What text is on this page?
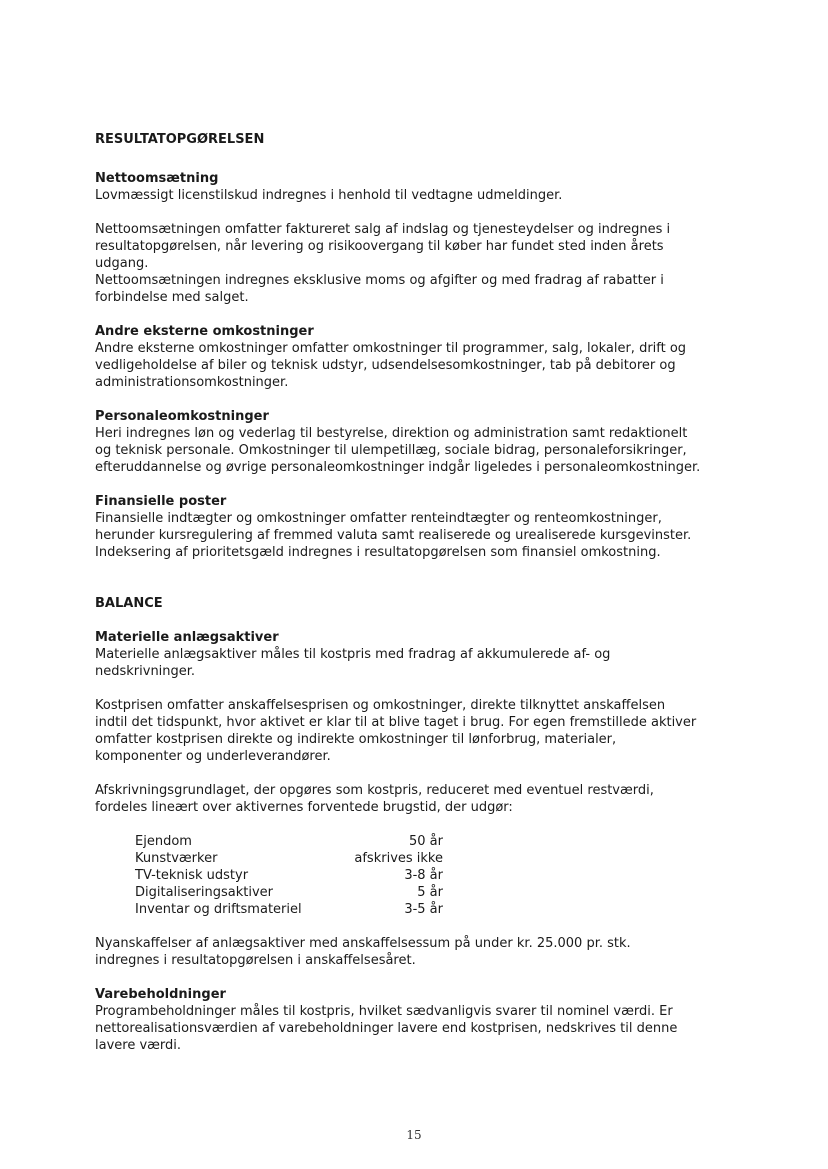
RESULTATOPGØRELSEN

Nettoomsætning

Lovmæssigt licenstilskud indregnes i henhold til vedtagne udmeldinger.

Nettoomsætningen omfatter faktureret salg af indslag og tjenesteydelser og indregnes i

resultatopgørelsen, når levering og risikoovergang til køber har fundet sted inden årets

udgang.

Nettoomsætningen indregnes eksklusive moms og afgifter og med fradrag af rabatter i

forbindelse med salget.

Andre eksterne omkostninger

Andre eksterne omkostninger omfatter omkostninger til programmer, salg, lokaler, drift og

vedligeholdelse af biler og teknisk udstyr, udsendelsesomkostninger, tab på debitorer og

administrationsomkostninger.

Personaleomkostninger

Heri indregnes løn og vederlag til bestyrelse, direktion og administration samt redaktionelt

og teknisk personale. Omkostninger til ulempetillæg, sociale bidrag, personaleforsikringer,

efteruddannelse og øvrige personaleomkostninger indgår ligeledes i personaleomkostninger.

Finansielle poster

Finansielle indtægter og omkostninger omfatter renteindtægter og renteomkostninger,

herunder kursregulering af fremmed valuta samt realiserede og urealiserede kursgevinster.

Indeksering af prioritetsgæld indregnes i resultatopgørelsen som finansiel omkostning.

BALANCE

Materielle anlægsaktiver

Materielle anlægsaktiver måles til kostpris med fradrag af akkumulerede af- og

nedskrivninger.

Kostprisen omfatter anskaffelsesprisen og omkostninger, direkte tilknyttet anskaffelsen

indtil det tidspunkt, hvor aktivet er klar til at blive taget i brug. For egen fremstillede aktiver

omfatter kostprisen direkte og indirekte omkostninger til lønforbrug, materialer,

komponenter og underleverandører.

Afskrivningsgrundlaget, der opgøres som kostpris, reduceret med eventuel restværdi,

fordeles lineært over aktivernes forventede brugstid, der udgør:

Ejendom	50 år
Kunstværker	afskrives ikke
TV-teknisk udstyr	3-8 år
Digitaliseringsaktiver	5 år
Inventar og driftsmateriel	3-5 år

Nyanskaffelser af anlægsaktiver med anskaffelsessum på under kr. 25.000 pr. stk.

indregnes i resultatopgørelsen i anskaffelsesåret.

Varebeholdninger

Programbeholdninger måles til kostpris, hvilket sædvanligvis svarer til nominel værdi. Er

nettorealisationsværdien af varebeholdninger lavere end kostprisen, nedskrives til denne

lavere værdi.

15
